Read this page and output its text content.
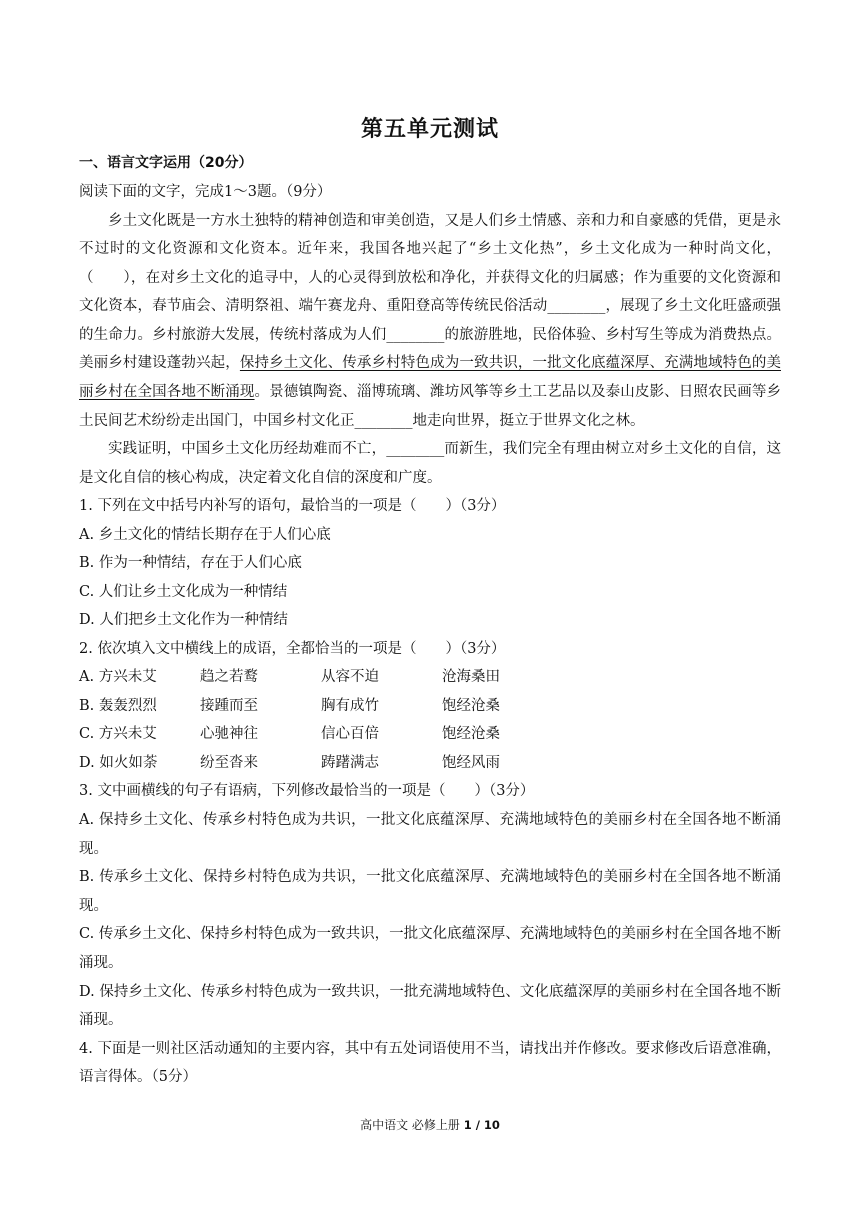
第五单元测试
一、语言文字运用（20分）
阅读下面的文字，完成1～3题。（9分）
乡土文化既是一方水土独特的精神创造和审美创造，又是人们乡土情感、亲和力和自豪感的凭借，更是永不过时的文化资源和文化资本。近年来，我国各地兴起了“乡土文化热”，乡土文化成为一种时尚文化，（　　），在对乡土文化的追寻中，人的心灵得到放松和净化，并获得文化的归属感；作为重要的文化资源和文化资本，春节庙会、清明祭祖、端午赛龙舟、重阳登高等传统民俗活动________，展现了乡土文化旺盛顽强的生命力。乡村旅游大发展，传统村落成为人们________的旅游胜地，民俗体验、乡村写生等成为消费热点。美丽乡村建设蓬勃兴起，保持乡土文化、传承乡村特色成为一致共识，一批文化底蕴深厚、充满地域特色的美丽乡村在全国各地不断涌现。景德镇陶瓷、淄博琉璃、潍坊风筝等乡土工艺品以及泰山皮影、日照农民画等乡土民间艺术纷纷走出国门，中国乡村文化正________地走向世界，挺立于世界文化之林。
实践证明，中国乡土文化历经劫难而不亡，________而新生，我们完全有理由树立对乡土文化的自信，这是文化自信的核心构成，决定着文化自信的深度和广度。
1. 下列在文中括号内补写的语句，最恰当的一项是（　　）（3分）
A. 乡土文化的情结长期存在于人们心底
B. 作为一种情结，存在于人们心底
C. 人们让乡土文化成为一种情结
D. 人们把乡土文化作为一种情结
2. 依次填入文中横线上的成语，全都恰当的一项是（　　）（3分）
A. 方兴未艾	趋之若鹜	从容不迫	沧海桑田
B. 轰轰烈烈	接踵而至	胸有成竹	饱经沧桑
C. 方兴未艾	心驰神往	信心百倍	饱经沧桑
D. 如火如荼	纷至沓来	踌躇满志	饱经风雨
3. 文中画横线的句子有语病，下列修改最恰当的一项是（　　）（3分）
A. 保持乡土文化、传承乡村特色成为共识，一批文化底蕴深厚、充满地域特色的美丽乡村在全国各地不断涌现。
B. 传承乡土文化、保持乡村特色成为共识，一批文化底蕴深厚、充满地域特色的美丽乡村在全国各地不断涌现。
C. 传承乡土文化、保持乡村特色成为一致共识，一批文化底蕴深厚、充满地域特色的美丽乡村在全国各地不断涌现。
D. 保持乡土文化、传承乡村特色成为一致共识，一批充满地域特色、文化底蕴深厚的美丽乡村在全国各地不断涌现。
4. 下面是一则社区活动通知的主要内容，其中有五处词语使用不当，请找出并作修改。要求修改后语意准确，语言得体。（5分）
高中语文 必修上册 1 / 10
